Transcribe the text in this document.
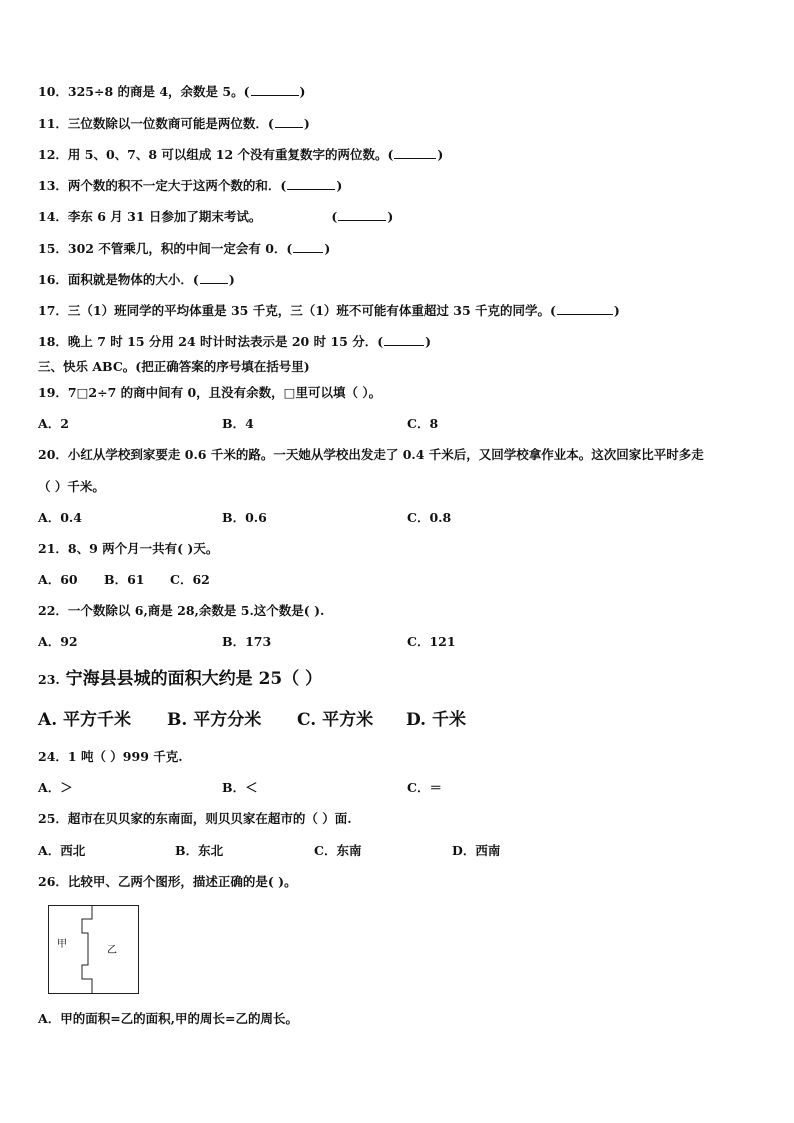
10．325÷8 的商是 4，余数是 5。(	)
11．三位数除以一位数商可能是两位数．( )
12．用 5、0、7、8 可以组成 12 个没有重复数字的两位数。(	)
13．两个数的积不一定大于这两个数的和．(	)
14．李东 6 月 31 日参加了期末考试。	(	)
15．302 不管乘几，积的中间一定会有 0．(	)
16．面积就是物体的大小．( )
17．三（1）班同学的平均体重是 35 千克，三（1）班不可能有体重超过 35 千克的同学。(	)
18．晚上 7 时 15 分用 24 时计时法表示是 20 时 15 分．(	)
三、快乐 ABC。(把正确答案的序号填在括号里)
19．7□2÷7 的商中间有 0，且没有余数，□里可以填（ ）。
A．2	B．4	C．8
20．小红从学校到家要走 0.6 千米的路。一天她从学校出发走了 0.4 千米后，又回学校拿作业本。这次回家比平时多走
（ ）千米。
A．0.4	B．0.6	C．0.8
21．8、9 两个月一共有( )天。
A．60 B．61 C．62
22．一个数除以 6,商是 28,余数是 5.这个数是( ).
A．92	B．173	C．121
23. 宁海县县城的面积大约是 25（ ）
A. 平方千米 B. 平方分米 C. 平方米 D. 千米
24．1 吨（ ）999 千克.
A．＞	B．＜	C．＝
25．超市在贝贝家的东南面，则贝贝家在超市的（ ）面.
A．西北	B．东北	C．东南	D．西南
26．比较甲、乙两个图形，描述正确的是( )。
甲
乙
A．甲的面积=乙的面积,甲的周长=乙的周长。
